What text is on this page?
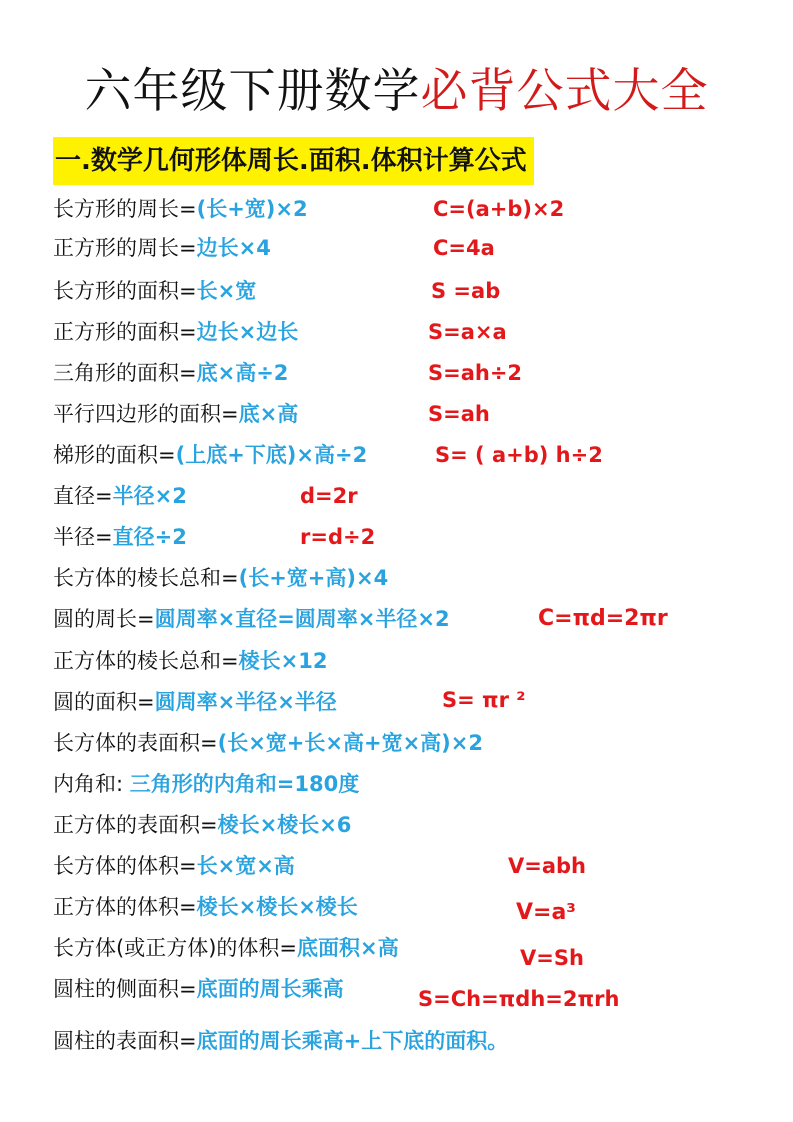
六年级下册数学必背公式大全
一.数学几何形体周长.面积.体积计算公式
长方形的周长=(长+宽)×2	C=(a+b)×2
正方形的周长=边长×4	C=4a
长方形的面积=长×宽	S =ab
正方形的面积=边长×边长	S=a×a
三角形的面积=底×高÷2	S=ah÷2
平行四边形的面积=底×高	S=ah
梯形的面积=(上底+下底)×高÷2	S= ( a+b) h÷2
直径=半径×2	d=2r
半径=直径÷2	r=d÷2
长方体的棱长总和=(长+宽+高)×4
圆的周长=圆周率×直径=圆周率×半径×2	C=πd=2πr
正方体的棱长总和=棱长×12
圆的面积=圆周率×半径×半径	S= πr ²
长方体的表面积=(长×宽+长×高+宽×高)×2
内角和: 三角形的内角和=180度
正方体的表面积=棱长×棱长×6
长方体的体积=长×宽×高	V=abh
正方体的体积=棱长×棱长×棱长	V=a³
长方体(或正方体)的体积=底面积×高	V=Sh
圆柱的侧面积=底面的周长乘高	S=Ch=πdh=2πrh
圆柱的表面积=底面的周长乘高+上下底的面积。
